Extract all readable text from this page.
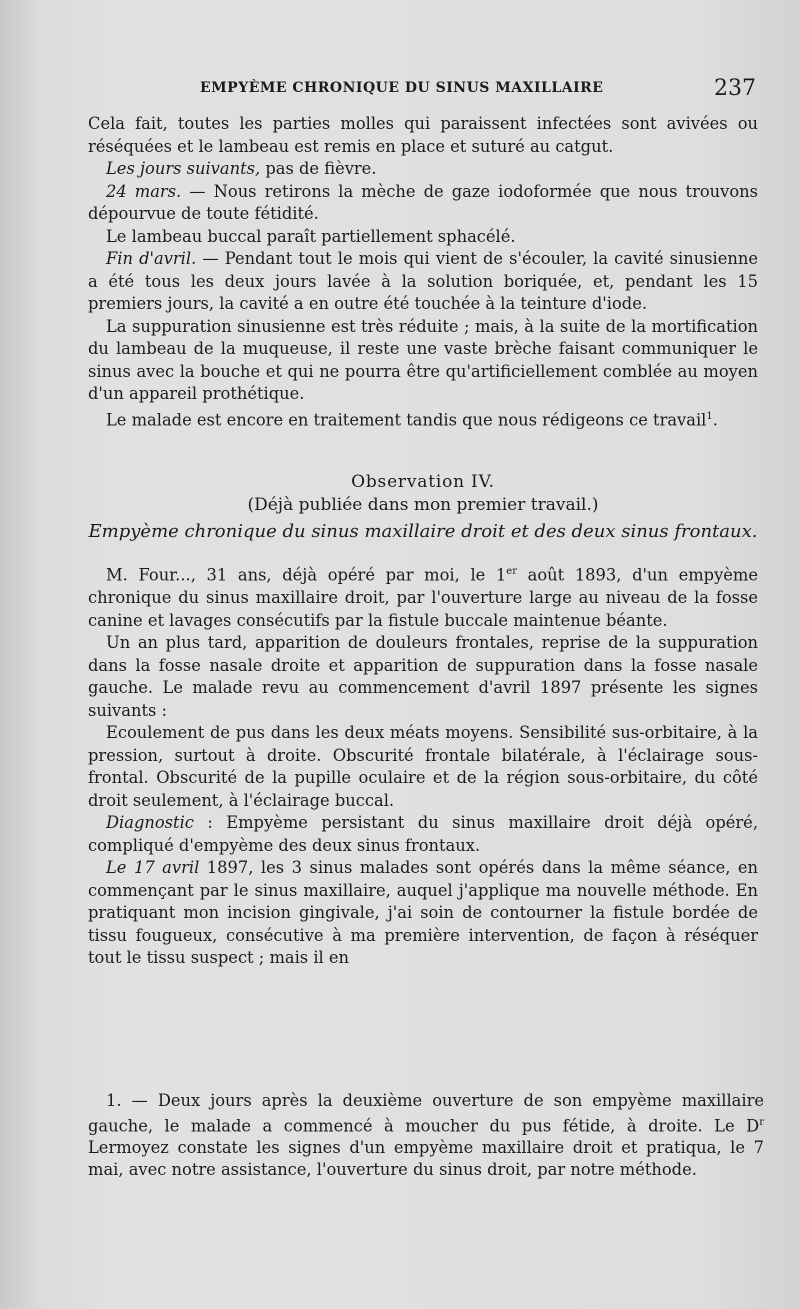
EMPYÈME CHRONIQUE DU SINUS MAXILLAIRE	237

Cela fait, toutes les parties molles qui paraissent infectées sont avivées ou réséquées et le lambeau est remis en place et suturé au catgut.

Les jours suivants, pas de fièvre.

24 mars. — Nous retirons la mèche de gaze iodoformée que nous trouvons dépourvue de toute fétidité.

Le lambeau buccal paraît partiellement sphacélé.

Fin d'avril. — Pendant tout le mois qui vient de s'écouler, la cavité sinusienne a été tous les deux jours lavée à la solution boriquée, et, pendant les 15 premiers jours, la cavité a en outre été touchée à la teinture d'iode.

La suppuration sinusienne est très réduite ; mais, à la suite de la mortification du lambeau de la muqueuse, il reste une vaste brèche faisant communiquer le sinus avec la bouche et qui ne pourra être qu'artificiellement comblée au moyen d'un appareil prothétique.

Le malade est encore en traitement tandis que nous rédigeons ce travail$^1$.

Observation IV.
(Déjà publiée dans mon premier travail.)
Empyème chronique du sinus maxillaire droit et des deux sinus frontaux.

M. Four..., 31 ans, déjà opéré par moi, le 1er août 1893, d'un empyème chronique du sinus maxillaire droit, par l'ouverture large au niveau de la fosse canine et lavages consécutifs par la fistule buccale maintenue béante.

Un an plus tard, apparition de douleurs frontales, reprise de la suppuration dans la fosse nasale droite et apparition de suppuration dans la fosse nasale gauche. Le malade revu au commencement d'avril 1897 présente les signes suivants :

Ecoulement de pus dans les deux méats moyens. Sensibilité sus-orbitaire, à la pression, surtout à droite. Obscurité frontale bilatérale, à l'éclairage sous-frontal. Obscurité de la pupille oculaire et de la région sous-orbitaire, du côté droit seulement, à l'éclairage buccal.

Diagnostic : Empyème persistant du sinus maxillaire droit déjà opéré, compliqué d'empyème des deux sinus frontaux.

Le 17 avril 1897, les 3 sinus malades sont opérés dans la même séance, en commençant par le sinus maxillaire, auquel j'applique ma nouvelle méthode. En pratiquant mon incision gingivale, j'ai soin de contourner la fistule bordée de tissu fougueux, consécutive à ma première intervention, de façon à réséquer tout le tissu suspect ; mais il en

1. — Deux jours après la deuxième ouverture de son empyème maxillaire gauche, le malade a commencé à moucher du pus fétide, à droite. Le $D^r$ Lermoyez constate les signes d'un empyème maxillaire droit et pratiqua, le 7 mai, avec notre assistance, l'ouverture du sinus droit, par notre méthode.
